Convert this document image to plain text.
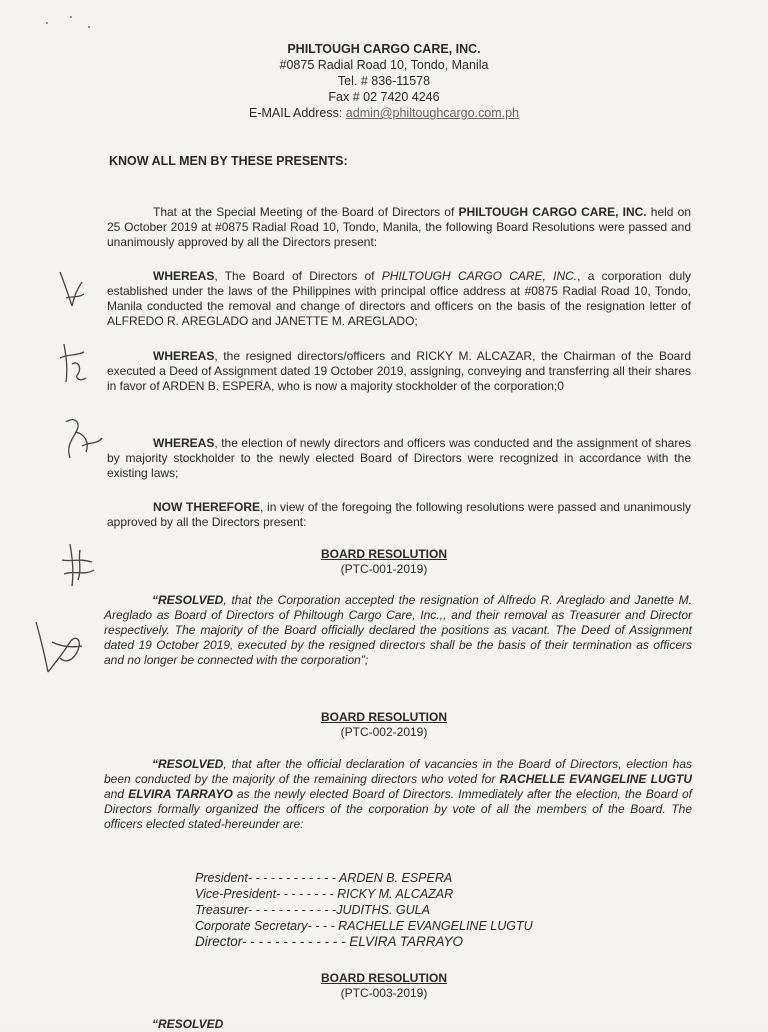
PHILTOUGH CARGO CARE, INC.
#0875 Radial Road 10, Tondo, Manila
Tel. # 836-11578
Fax # 02 7420 4246
E-MAIL Address: admin@philtoughcargo.com.ph
KNOW ALL MEN BY THESE PRESENTS:
That at the Special Meeting of the Board of Directors of PHILTOUGH CARGO CARE, INC. held on 25 October 2019 at #0875 Radial Road 10, Tondo, Manila, the following Board Resolutions were passed and unanimously approved by all the Directors present:
WHEREAS, The Board of Directors of PHILTOUGH CARGO CARE, INC., a corporation duly established under the laws of the Philippines with principal office address at #0875 Radial Road 10, Tondo, Manila conducted the removal and change of directors and officers on the basis of the resignation letter of ALFREDO R. AREGLADO and JANETTE M. AREGLADO;
WHEREAS, the resigned directors/officers and RICKY M. ALCAZAR, the Chairman of the Board executed a Deed of Assignment dated 19 October 2019, assigning, conveying and transferring all their shares in favor of ARDEN B. ESPERA, who is now a majority stockholder of the corporation;0
WHEREAS, the election of newly directors and officers was conducted and the assignment of shares by majority stockholder to the newly elected Board of Directors were recognized in accordance with the existing laws;
NOW THEREFORE, in view of the foregoing the following resolutions were passed and unanimously approved by all the Directors present:
BOARD RESOLUTION
(PTC-001-2019)
“RESOLVED, that the Corporation accepted the resignation of Alfredo R. Areglado and Janette M. Areglado as Board of Directors of Philtough Cargo Care, Inc.,, and their removal as Treasurer and Director respectively. The majority of the Board officially declared the positions as vacant. The Deed of Assignment dated 19 October 2019, executed by the resigned directors shall be the basis of their termination as officers and no longer be connected with the corporation”;
BOARD RESOLUTION
(PTC-002-2019)
“RESOLVED, that after the official declaration of vacancies in the Board of Directors, election has been conducted by the majority of the remaining directors who voted for RACHELLE EVANGELINE LUGTU and ELVIRA TARRAYO as the newly elected Board of Directors. Immediately after the election, the Board of Directors formally organized the officers of the corporation by vote of all the members of the Board. The officers elected stated-hereunder are:
President- - - - - - - - - - - - ARDEN B. ESPERA
Vice-President- - - - - - - - RICKY M. ALCAZAR
Treasurer- - - - - - - - - - - -JUDITHS. GULA
Corporate Secretary- - - - RACHELLE EVANGELINE LUGTU
Director- - - - - - - - - - - - - ELVIRA TARRAYO
BOARD RESOLUTION
(PTC-003-2019)
“RESOLVED
